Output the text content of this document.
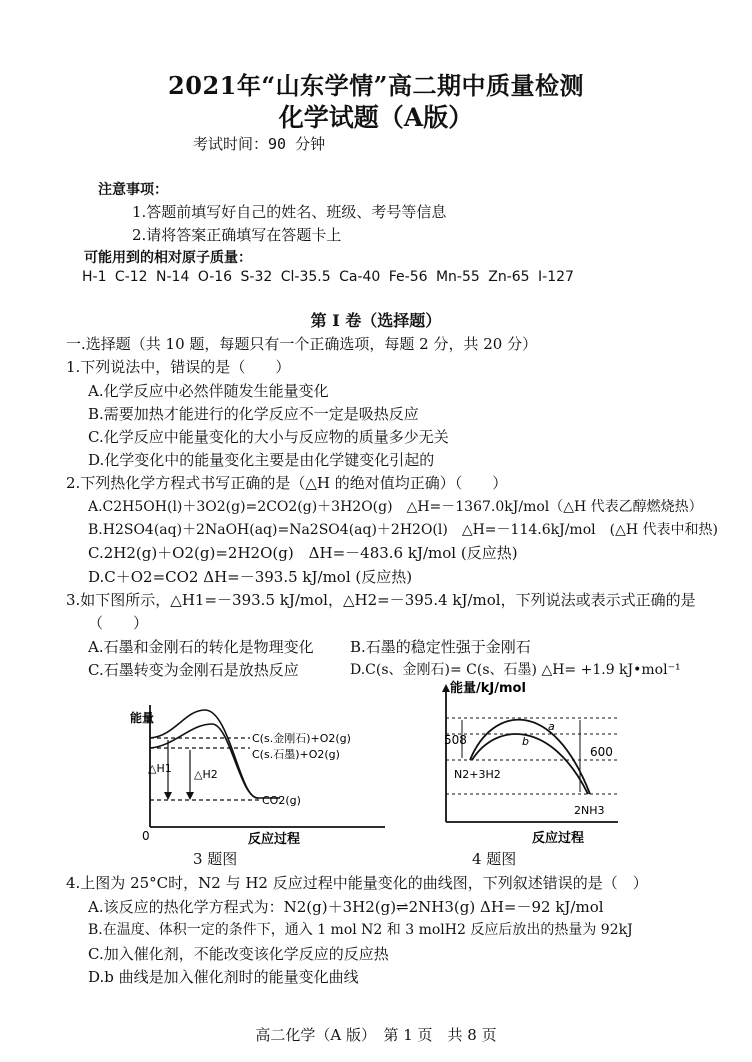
2021年“山东学情”高二期中质量检测
化学试题（A版）
考试时间：90 分钟
注意事项：
1.答题前填写好自己的姓名、班级、考号等信息
2.请将答案正确填写在答题卡上
可能用到的相对原子质量：
H-1 C-12 N-14 O-16 S-32 Cl-35.5 Ca-40 Fe-56 Mn-55 Zn-65 I-127
第 I 卷（选择题）
一.选择题（共 10 题，每题只有一个正确选项，每题 2 分，共 20 分）
1.下列说法中，错误的是（　　）
A.化学反应中必然伴随发生能量变化
B.需要加热才能进行的化学反应不一定是吸热反应
C.化学反应中能量变化的大小与反应物的质量多少无关
D.化学变化中的能量变化主要是由化学键变化引起的
2.下列热化学方程式书写正确的是（△H 的绝对值均正确）（　　）
A.C2H5OH(l)＋3O2(g)=2CO2(g)＋3H2O(g)　△H=－1367.0kJ/mol（△H 代表乙醇燃烧热）
B.H2SO4(aq)＋2NaOH(aq)=Na2SO4(aq)＋2H2O(l)　△H=－114.6kJ/mol　(△H 代表中和热)
C.2H2(g)＋O2(g)=2H2O(g)　ΔH=－483.6 kJ/mol (反应热)
D.C＋O2=CO2 ΔH=－393.5 kJ/mol (反应热)
3.如下图所示，△H1=－393.5 kJ/mol，△H2=－395.4 kJ/mol，下列说法或表示式正确的是
（　　）
A.石墨和金刚石的转化是物理变化 B.石墨的稳定性强于金刚石
C.石墨转变为金刚石是放热反应	D.C(s、金刚石)= C(s、石墨) △H= +1.9 kJ•mol⁻¹
能量
0	反应过程
△H1 △H2
C(s.金刚石)+O2(g)
C(s.石墨)+O2(g)
CO2(g)
能量/kJ/mol
反应过程
a
b
508
600
N2+3H2
2NH3
3 题图	4 题图
4.上图为 25°C时，N2 与 H2 反应过程中能量变化的曲线图，下列叙述错误的是（　）
A.该反应的热化学方程式为：N2(g)＋3H2(g)⇌2NH3(g) ΔH=－92 kJ/mol
B.在温度、体积一定的条件下，通入 1 mol N2 和 3 molH2 反应后放出的热量为 92kJ
C.加入催化剂，不能改变该化学反应的反应热
D.b 曲线是加入催化剂时的能量变化曲线
高二化学（A 版）　第 1 页　共 8 页
